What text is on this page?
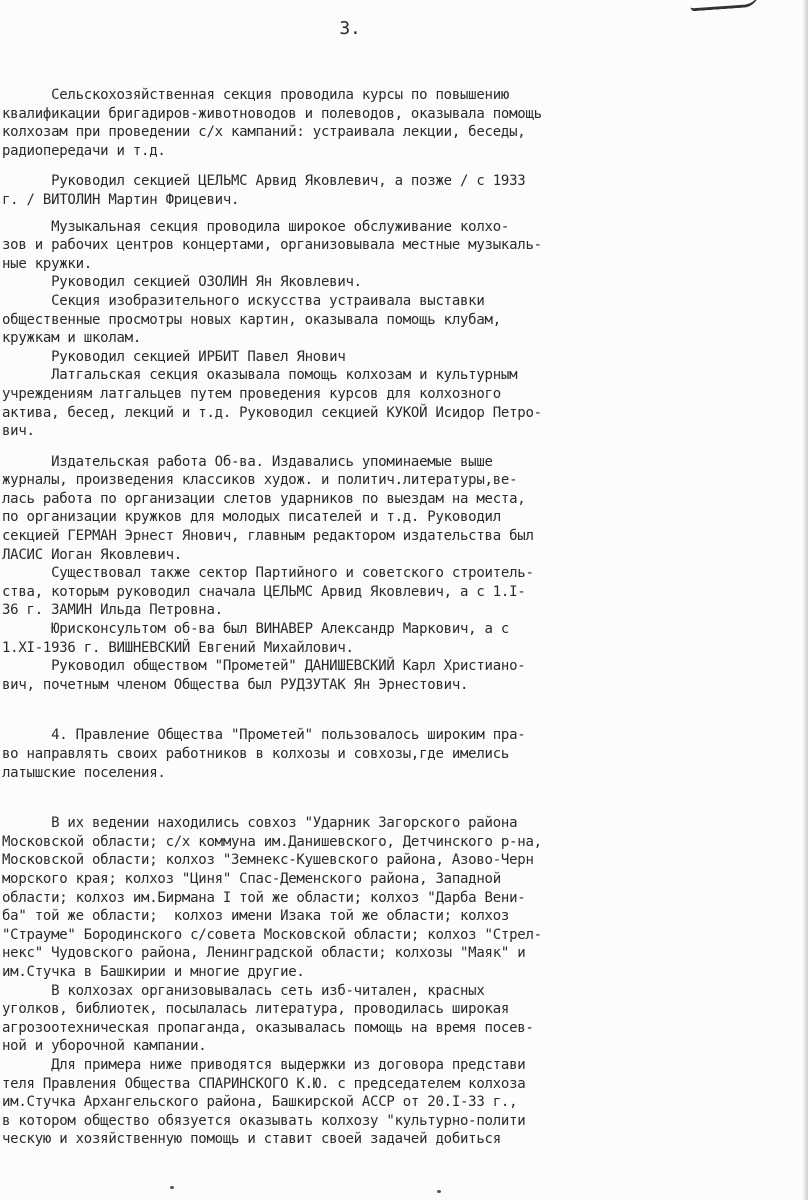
3.

Сельскохозяйственная секция проводила курсы по повышению
квалификации бригадиров-животноводов и полеводов, оказывала помощь
колхозам при проведении с/х кампаний: устраивала лекции, беседы,
радиопередачи и т.д.

Руководил секцией ЦЕЛЬМС Арвид Яковлевич, а позже / с 1933
г. / ВИТОЛИН Мартин Фрицевич.

Музыкальная секция проводила широкое обслуживание колхо-
зов и рабочих центров концертами, организовывала местные музыкаль-
ные кружки.

Руководил секцией ОЗОЛИН Ян Яковлевич.
Секция изобразительного искусства устраивала выставки
общественные просмотры новых картин, оказывала помощь клубам,
кружкам и школам.
Руководил секцией ИРБИТ Павел Янович
Латгальская секция оказывала помощь колхозам и культурным
учреждениям латгальцев путем проведения курсов для колхозного
актива, бесед, лекций и т.д. Руководил секцией КУКОЙ Исидор Петро-
вич.

Издательская работа Об-ва. Издавались упоминаемые выше
журналы, произведения классиков худож. и политич.литературы,ве-
лась работа по организации слетов ударников по выездам на места,
по организации кружков для молодых писателей и т.д. Руководил
секцией ГЕРМАН Эрнест Янович, главным редактором издательства был
ЛАСИС Иоган Яковлевич.
Существовал также сектор Партийного и советского строитель-
ства, которым руководил сначала ЦЕЛЬМС Арвид Яковлевич, а с 1.I-
36 г. ЗАМИН Ильда Петровна.
Юрисконсультом об-ва был ВИНАВЕР Александр Маркович, а с
1.XI-1936 г. ВИШНЕВСКИЙ Евгений Михайлович.
Руководил обществом "Прометей" ДАНИШЕВСКИЙ Карл Христиано-
вич, почетным членом Общества был РУДЗУТАК Ян Эрнестович.

4. Правление Общества "Прометей" пользовалось широким пра-
во направлять своих работников в колхозы и совхозы,где имелись
латышские поселения.

В их ведении находились совхоз "Ударник Загорского района
Московской области; с/х коммуна им.Данишевского, Детчинского р-на,
Московской области; колхоз "Земнекс-Кушевского района, Азово-Черн
морского края; колхоз "Циня" Спас-Деменского района, Западной
области; колхоз им.Бирмана I той же области; колхоз "Дарба Вени-
ба" той же области;  колхоз имени Изака той же области; колхоз
"Страуме" Бородинского с/совета Московской области; колхоз "Стрел-
некс" Чудовского района, Ленинградской области; колхозы "Маяк" и
им.Стучка в Башкирии и многие другие.
В колхозах организовывалась сеть изб-читален, красных
уголков, библиотек, посылалась литература, проводилась широкая
агрозоотехническая пропаганда, оказывалась помощь на время посев-
ной и уборочной кампании.
Для примера ниже приводятся выдержки из договора представи
теля Правления Общества СПАРИНСКОГО К.Ю. с председателем колхоза
им.Стучка Архангельского района, Башкирской АССР от 20.I-33 г.,
в котором общество обязуется оказывать колхозу "культурно-полити
ческую и хозяйственную помощь и ставит своей задачей добиться
